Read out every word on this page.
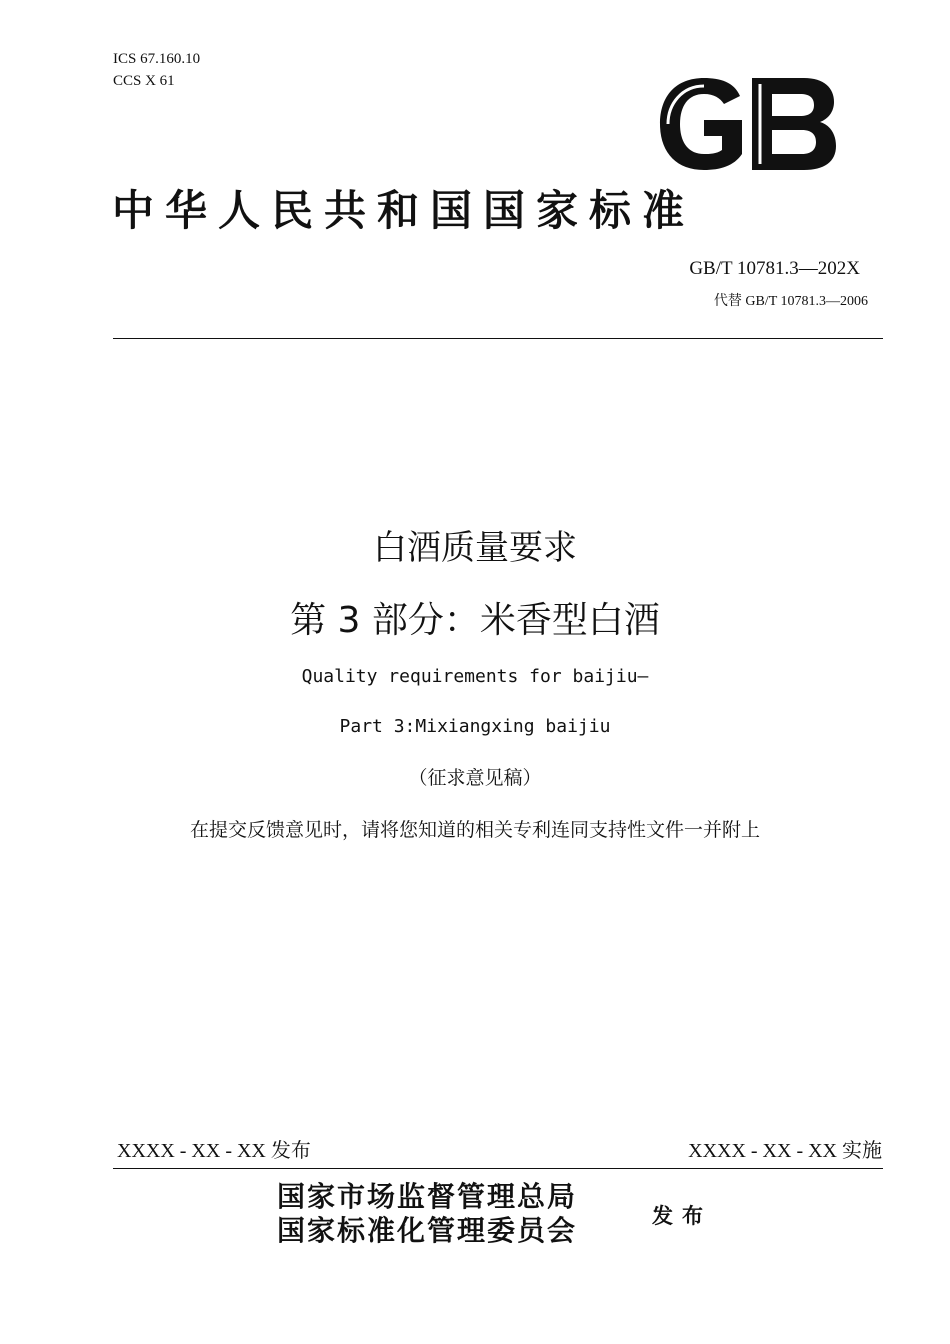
ICS 67.160.10
CCS X 61
中华人民共和国国家标准
GB/T 10781.3—202X
代替 GB/T 10781.3—2006
白酒质量要求
第 3 部分：米香型白酒
Quality requirements for baijiu—
Part 3:Mixiangxing baijiu
（征求意见稿）
在提交反馈意见时，请将您知道的相关专利连同支持性文件一并附上
XXXX - XX - XX 发布	XXXX - XX - XX 实施
国家市场监督管理总局
国家标准化管理委员会	发布
